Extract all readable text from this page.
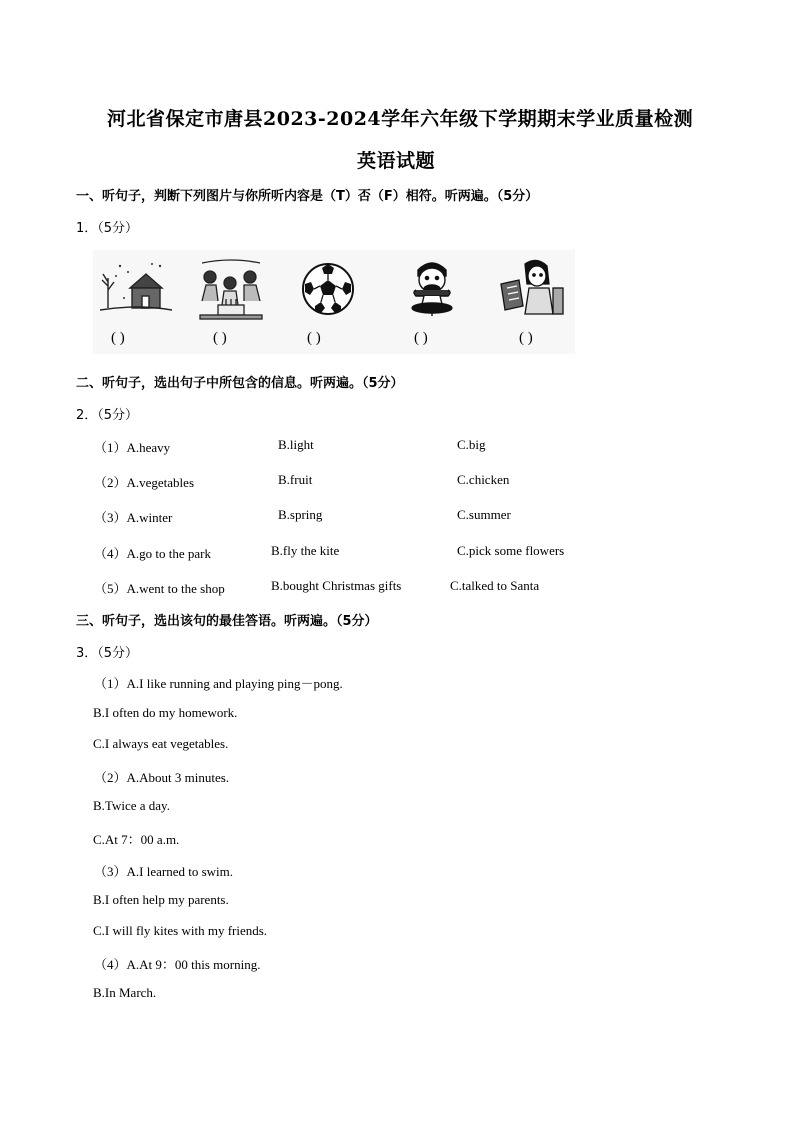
河北省保定市唐县2023-2024学年六年级下学期期末学业质量检测
英语试题
一、听句子，判断下列图片与你所听内容是（T）否（F）相符。听两遍。（5分）
1．（5分）
( )	( )	( )	( )	( )
二、听句子，选出句子中所包含的信息。听两遍。（5分）
2．（5分）
（1）A.heavy	B.light	C.big
（2）A.vegetables	B.fruit	C.chicken
（3）A.winter	B.spring	C.summer
（4）A.go to the park	B.fly the kite	C.pick some flowers
（5）A.went to the shop	B.bought Christmas gifts	C.talked to Santa
三、听句子，选出该句的最佳答语。听两遍。（5分）
3．（5分）
（1）A.I like running and playing ping－pong.
B.I often do my homework.
C.I always eat vegetables.
（2）A.About 3 minutes.
B.Twice a day.
C.At 7：00 a.m.
（3）A.I learned to swim.
B.I often help my parents.
C.I will fly kites with my friends.
（4）A.At 9：00 this morning.
B.In March.
